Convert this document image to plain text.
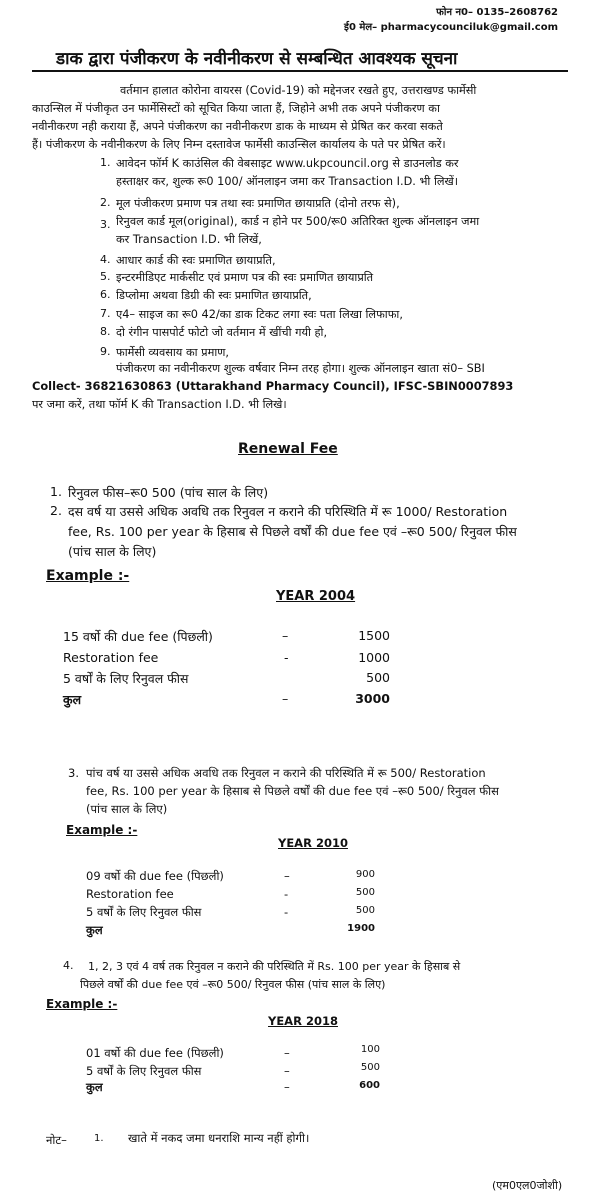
फोन न0– 0135–2608762
ई0 मेल– pharmacycounciluk@gmail.com
डाक द्वारा पंजीकरण के नवीनीकरण से सम्बन्धित आवश्यक सूचना
वर्तमान हालात कोरोना वायरस (Covid-19) को मद्देनजर रखते हुए, उत्तराखण्ड फार्मेसी
काउन्सिल में पंजीकृत उन फार्मेसिस्टों को सूचित किया जाता हैं, जिहोने अभी तक अपने पंजीकरण का
नवीनीकरण नही कराया हैं, अपने पंजीकरण का नवीनीकरण डाक के माध्यम से प्रेषित कर करवा सकते
हैं। पंजीकरण के नवीनीकरण के लिए निम्न दस्तावेज फार्मेसी काउन्सिल कार्यालय के पते पर प्रेषित करें।
1. आवेदन फॉर्म K काउंसिल की वेबसाइट www.ukpcouncil.org से डाउनलोड कर
हस्ताक्षर कर, शुल्क रू0 100/ ऑनलाइन जमा कर Transaction I.D. भी लिखें।
2. मूल पंजीकरण प्रमाण पत्र तथा स्वः प्रमाणित छायाप्रति (दोनो तरफ से),
3. रिनुवल कार्ड मूल(original), कार्ड न होने पर 500/रू0 अतिरिक्त शुल्क ऑनलाइन जमा
कर Transaction I.D. भी लिखें,
4. आधार कार्ड की स्वः प्रमाणित छायाप्रति,
5. इन्टरमीडिएट मार्कसीट एवं प्रमाण पत्र की स्वः प्रमाणित छायाप्रति
6. डिप्लोमा अथवा डिग्री की स्वः प्रमाणित छायाप्रति,
7. ए4– साइज का रू0 42/का डाक टिकट लगा स्वः पता लिखा लिफाफा,
8. दो रंगीन पासपोर्ट फोटो जो वर्तमान में खींची गयी हो,
9. फार्मेसी व्यवसाय का प्रमाण,
पंजीकरण का नवीनीकरण शुल्क वर्षवार निम्न तरह होगा। शुल्क ऑनलाइन खाता सं0– SBI
Collect- 36821630863 (Uttarakhand Pharmacy Council), IFSC-SBIN0007893
पर जमा करें, तथा फॉर्म K की Transaction I.D. भी लिखे।
Renewal Fee
1. रिनुवल फीस–रू0 500 (पांच साल के लिए)
2. दस वर्ष या उससे अधिक अवधि तक रिनुवल न कराने की परिस्थिति में रू 1000/ Restoration
fee, Rs. 100 per year के हिसाब से पिछले वर्षों की due fee एवं –रू0 500/ रिनुवल फीस
(पांच साल के लिए)
Example :-
YEAR 2004
15 वर्षो की due fee (पिछली)	–	1500
Restoration fee	-	1000
5 वर्षों के लिए रिनुवल फीस	500
कुल	–	3000
3. पांच वर्ष या उससे अधिक अवधि तक रिनुवल न कराने की परिस्थिति में रू 500/ Restoration
fee, Rs. 100 per year के हिसाब से पिछले वर्षों की due fee एवं –रू0 500/ रिनुवल फीस
(पांच साल के लिए)
Example :-
YEAR 2010
09 वर्षो की due fee (पिछली)	–	900
Restoration fee	-	500
5 वर्षों के लिए रिनुवल फीस	-	500
कुल	1900
4. 1, 2, 3 एवं 4 वर्ष तक रिनुवल न कराने की परिस्थिति में Rs. 100 per year के हिसाब से
पिछले वर्षों की due fee एवं –रू0 500/ रिनुवल फीस (पांच साल के लिए)
Example :-
YEAR 2018
01 वर्षो की due fee (पिछली)	–	100
5 वर्षों के लिए रिनुवल फीस	–	500
कुल	–	600
नोट–	1. खाते में नकद जमा धनराशि मान्य नहीं होगी।
(एम0एल0जोशी)
